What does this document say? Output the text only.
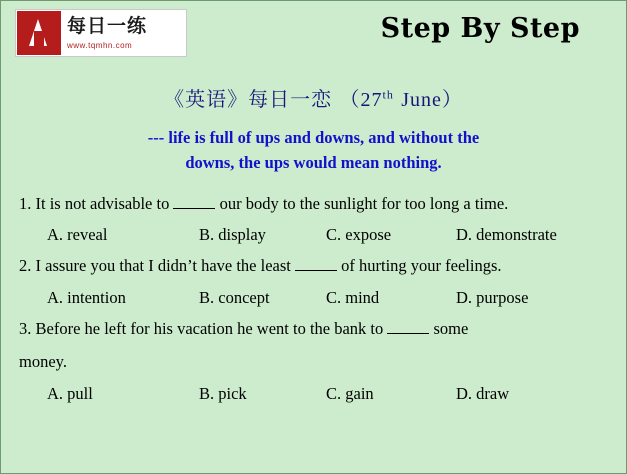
每日一练
www.tqmhn.com
Step By Step
《英语》每日一恋 （27th June）
--- life is full of ups and downs, and without the
downs, the ups would mean nothing.
1. It is not advisable to	our body to the sunlight for too long a time.
A. reveal	B. display	C. expose	D. demonstrate
2. I assure you that I didn’t have the least	of hurting your feelings.
A. intention	B. concept	C. mind	D. purpose
3. Before he left for his vacation he went to the bank to	some
money.
A. pull	B. pick	C. gain	D. draw
